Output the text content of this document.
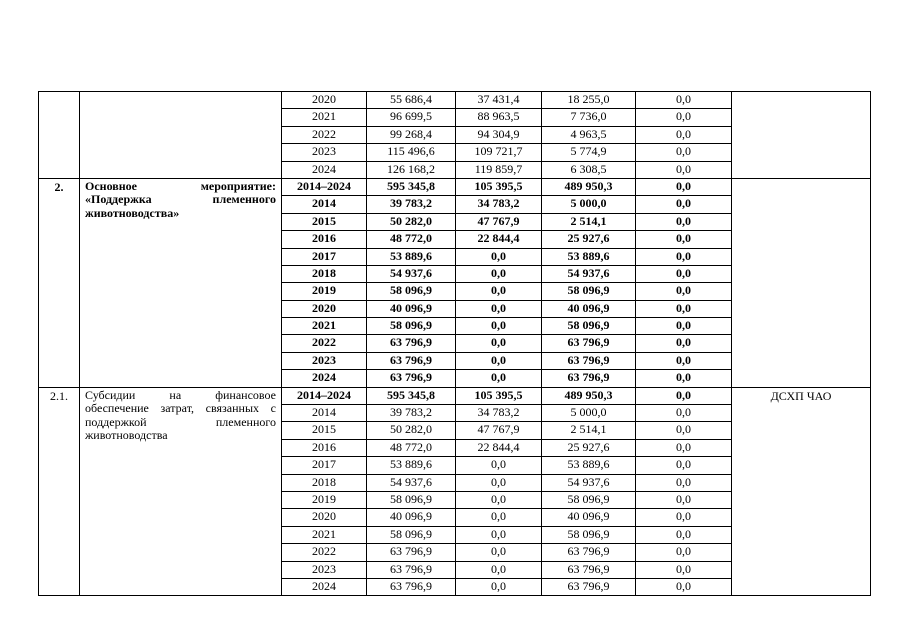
		2020	55 686,4	37 431,4	18 255,0	0,0	
		2021	96 699,5	88 963,5	7 736,0	0,0	
		2022	99 268,4	94 304,9	4 963,5	0,0	
		2023	115 496,6	109 721,7	5 774,9	0,0	
		2024	126 168,2	119 859,7	6 308,5	0,0	
2.	Основное мероприятие: «Поддержка племенного животноводства»	2014–2024	595 345,8	105 395,5	489 950,3	0,0	
		2014	39 783,2	34 783,2	5 000,0	0,0	
		2015	50 282,0	47 767,9	2 514,1	0,0	
		2016	48 772,0	22 844,4	25 927,6	0,0	
		2017	53 889,6	0,0	53 889,6	0,0	
		2018	54 937,6	0,0	54 937,6	0,0	
		2019	58 096,9	0,0	58 096,9	0,0	
		2020	40 096,9	0,0	40 096,9	0,0	
		2021	58 096,9	0,0	58 096,9	0,0	
		2022	63 796,9	0,0	63 796,9	0,0	
		2023	63 796,9	0,0	63 796,9	0,0	
		2024	63 796,9	0,0	63 796,9	0,0	
2.1.	Субсидии на финансовое обеспечение затрат, связанных с поддержкой племенного животноводства	2014–2024	595 345,8	105 395,5	489 950,3	0,0	ДСХП ЧАО
		2014	39 783,2	34 783,2	5 000,0	0,0	
		2015	50 282,0	47 767,9	2 514,1	0,0	
		2016	48 772,0	22 844,4	25 927,6	0,0	
		2017	53 889,6	0,0	53 889,6	0,0	
		2018	54 937,6	0,0	54 937,6	0,0	
		2019	58 096,9	0,0	58 096,9	0,0	
		2020	40 096,9	0,0	40 096,9	0,0	
		2021	58 096,9	0,0	58 096,9	0,0	
		2022	63 796,9	0,0	63 796,9	0,0	
		2023	63 796,9	0,0	63 796,9	0,0	
		2024	63 796,9	0,0	63 796,9	0,0	
